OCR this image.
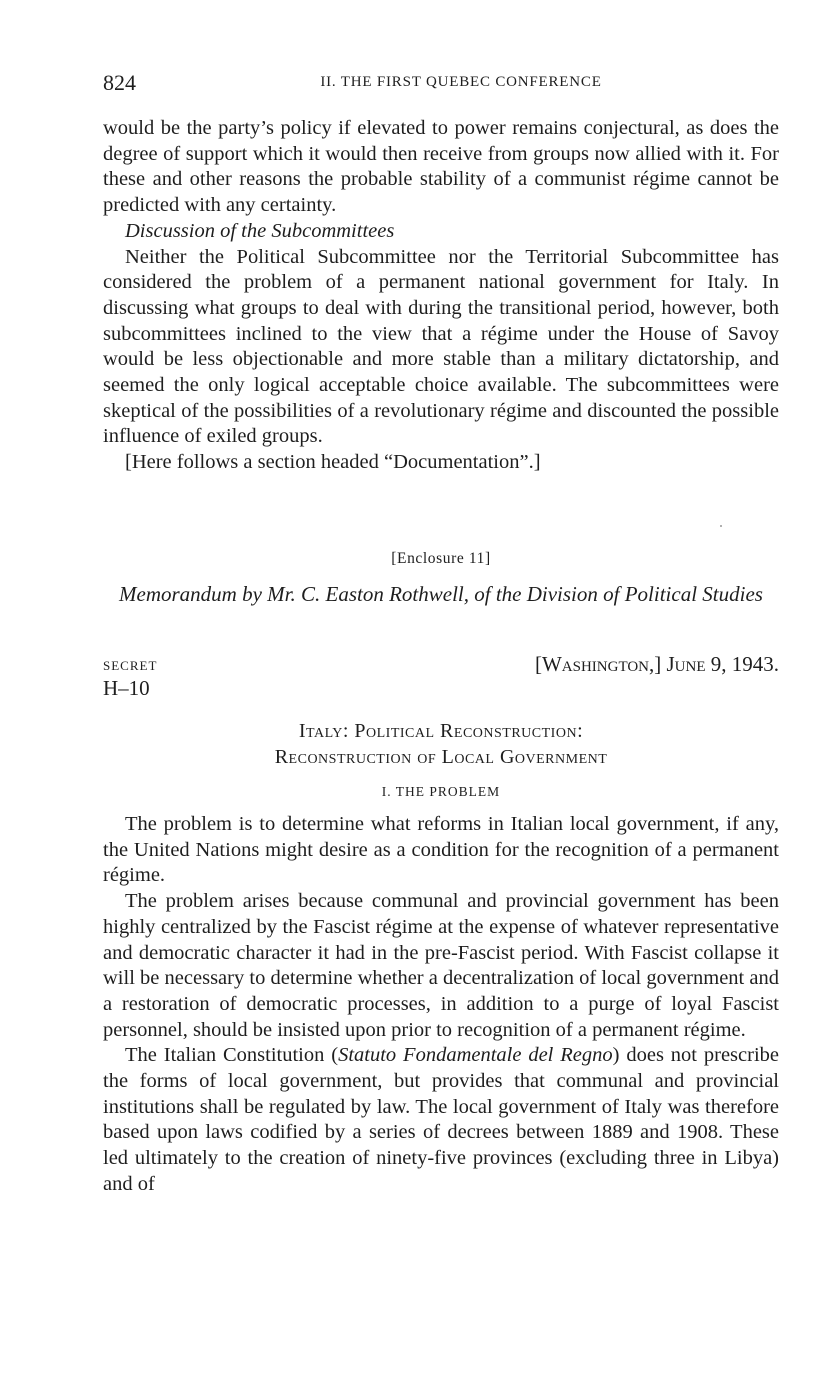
824	II. THE FIRST QUEBEC CONFERENCE

would be the party’s policy if elevated to power remains conjectural, as does the degree of support which it would then receive from groups now allied with it. For these and other reasons the probable stability of a communist régime cannot be predicted with any certainty.

Discussion of the Subcommittees

Neither the Political Subcommittee nor the Territorial Subcommittee has considered the problem of a permanent national government for Italy. In discussing what groups to deal with during the transitional period, however, both subcommittees inclined to the view that a régime under the House of Savoy would be less objectionable and more stable than a military dictatorship, and seemed the only logical acceptable choice available. The subcommittees were skeptical of the possibilities of a revolutionary régime and discounted the possible influence of exiled groups.

[Here follows a section headed “Documentation”.]

[Enclosure 11]
Memorandum by Mr. C. Easton Rothwell, of the Division of Political Studies
SECRET
H–10
[Washington,] June 9, 1943.
Italy: Political Reconstruction:
Reconstruction of Local Government
I. THE PROBLEM

The problem is to determine what reforms in Italian local government, if any, the United Nations might desire as a condition for the recognition of a permanent régime.

The problem arises because communal and provincial government has been highly centralized by the Fascist régime at the expense of whatever representative and democratic character it had in the pre-Fascist period. With Fascist collapse it will be necessary to determine whether a decentralization of local government and a restoration of democratic processes, in addition to a purge of loyal Fascist personnel, should be insisted upon prior to recognition of a permanent régime.

The Italian Constitution (Statuto Fondamentale del Regno) does not prescribe the forms of local government, but provides that communal and provincial institutions shall be regulated by law. The local government of Italy was therefore based upon laws codified by a series of decrees between 1889 and 1908. These led ultimately to the creation of ninety-five provinces (excluding three in Libya) and of
